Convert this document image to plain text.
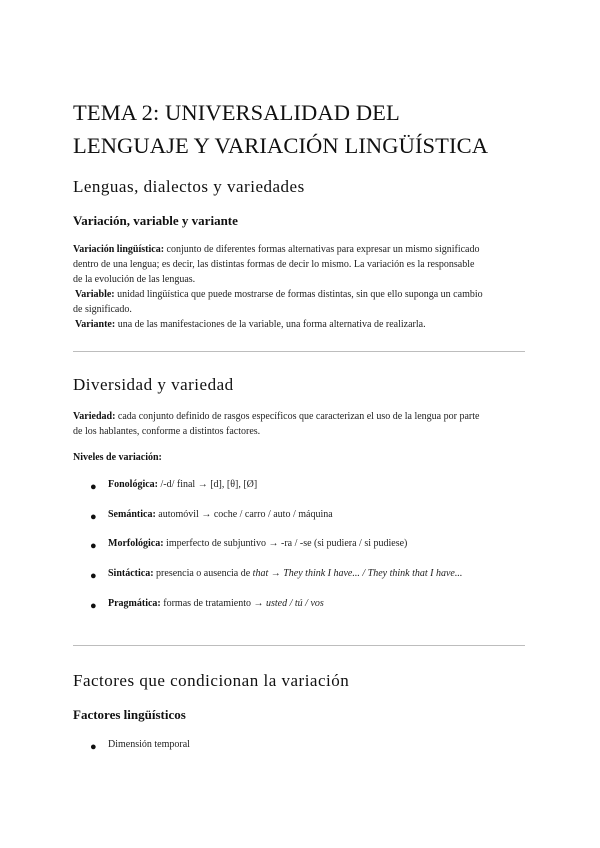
TEMA 2: UNIVERSALIDAD DEL
LENGUAJE Y VARIACIÓN LINGÜÍSTICA
Lenguas, dialectos y variedades
Variación, variable y variante
Variación lingüística: conjunto de diferentes formas alternativas para expresar un mismo significado
dentro de una lengua; es decir, las distintas formas de decir lo mismo. La variación es la responsable
de la evolución de las lenguas.
Variable: unidad lingüística que puede mostrarse de formas distintas, sin que ello suponga un cambio
de significado.
Variante: una de las manifestaciones de la variable, una forma alternativa de realizarla.
Diversidad y variedad
Variedad: cada conjunto definido de rasgos específicos que caracterizan el uso de la lengua por parte
de los hablantes, conforme a distintos factores.
Niveles de variación:
● Fonológica: /-d/ final → [d], [θ], [Ø]
● Semántica: automóvil → coche / carro / auto / máquina
● Morfológica: imperfecto de subjuntivo → -ra / -se (si pudiera / si pudiese)
● Sintáctica: presencia o ausencia de that → They think I have... / They think that I have...
● Pragmática: formas de tratamiento → usted / tú / vos
Factores que condicionan la variación
Factores lingüísticos
● Dimensión temporal
